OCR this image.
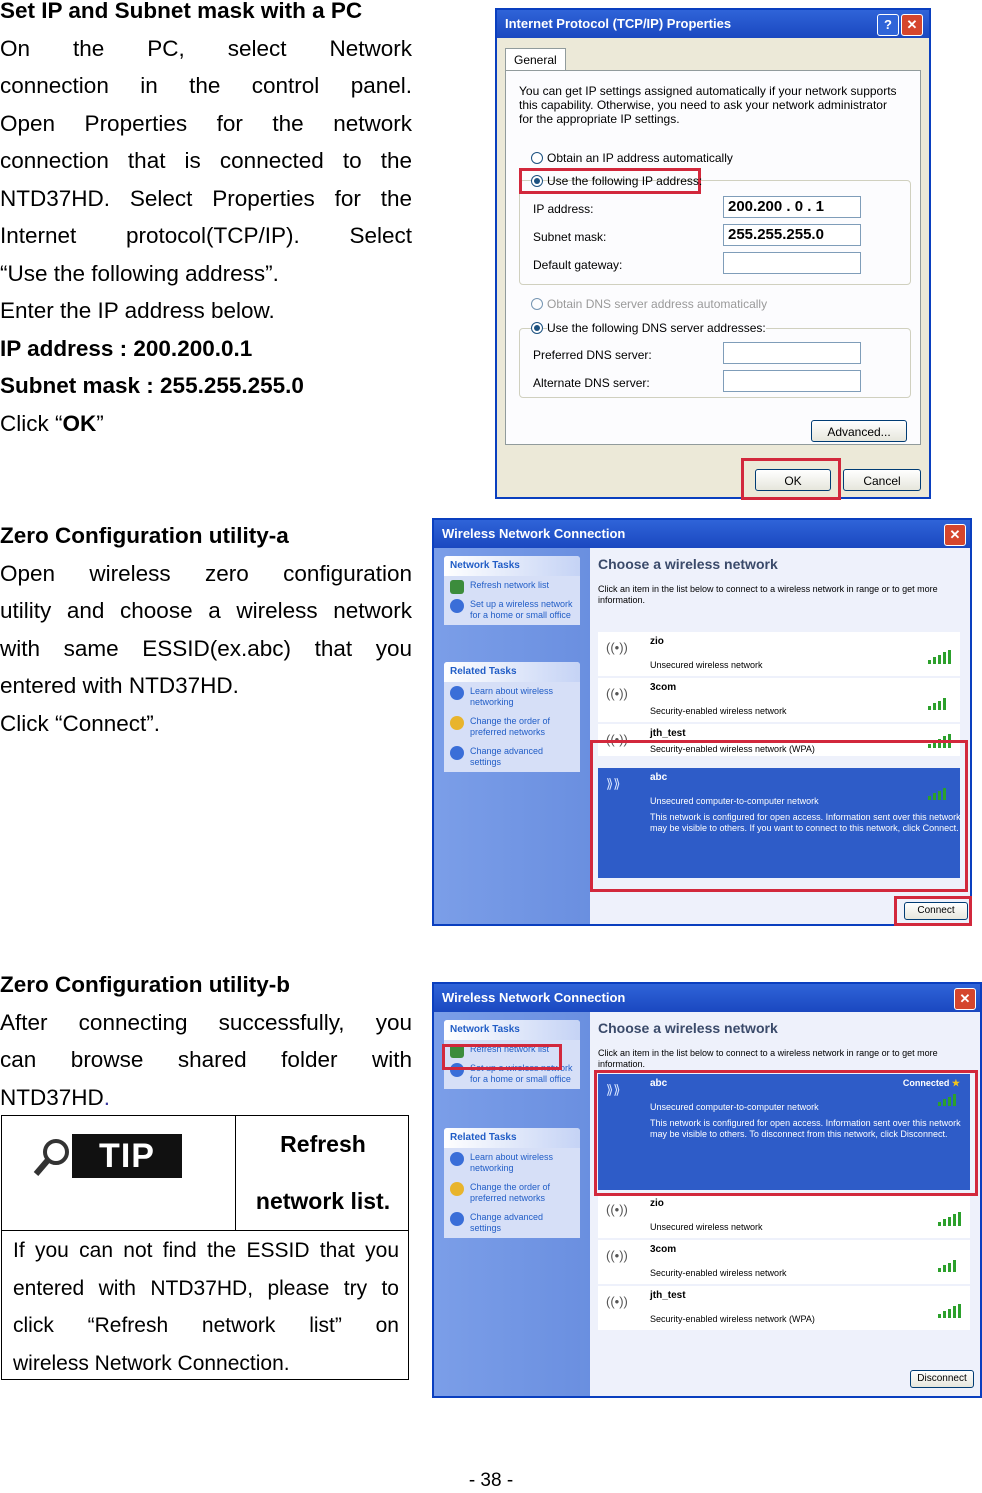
Set IP and Subnet mask with a PC

On the PC, select Network

connection in the control panel.

Open Properties for the network

connection that is connected to the

NTD37HD. Select Properties for the

Internet protocol(TCP/IP). Select

“Use the following address”.

Enter the IP address below.

IP address : 200.200.0.1

Subnet mask : 255.255.255.0

Click “OK”

Internet Protocol (TCP/IP) Properties	?	✕
General
You can get IP settings assigned automatically if your network supports this capability. Otherwise, you need to ask your network administrator for the appropriate IP settings.
Obtain an IP address automatically
Use the following IP address:
IP address:	200.200 . 0 . 1
Subnet mask:	255.255.255.0
Default gateway:
Obtain DNS server address automatically
Use the following DNS server addresses:
Preferred DNS server:
Alternate DNS server:
Advanced...
OK	Cancel

Zero Configuration utility-a

Open wireless zero configuration

utility and choose a wireless network

with same ESSID(ex.abc) that you

entered with NTD37HD.

Click “Connect”.

Wireless Network Connection	✕
Network Tasks
Refresh network list
Set up a wireless network for a home or small office
Related Tasks
Learn about wireless networking
Change the order of preferred networks
Change advanced settings
Choose a wireless network
Click an item in the list below to connect to a wireless network in range or to get more information.
((•)) zio
Unsecured wireless network
((•)) 3com
Security-enabled wireless network
((•)) jth_test
Security-enabled wireless network (WPA)
⟫⟫	abc
Unsecured computer-to-computer network
This network is configured for open access. Information sent over this network may be visible to others. If you want to connect to this network, click Connect.
Connect

Zero Configuration utility-b

After connecting successfully, you

can browse shared folder with

NTD37HD.

TIP	Refresh
network list.
If you can not find the ESSID that you
entered with NTD37HD, please try to
click “Refresh network list” on
wireless Network Connection.
Wireless Network Connection	✕
Network Tasks
Refresh network list
Set up a wireless network for a home or small office
Related Tasks
Learn about wireless networking
Change the order of preferred networks
Change advanced settings
Choose a wireless network
Click an item in the list below to connect to a wireless network in range or to get more information.
⟫⟫	abc	Connected ★
Unsecured computer-to-computer network
This network is configured for open access. Information sent over this network may be visible to others. To disconnect from this network, click Disconnect.
((•)) zio
Unsecured wireless network
((•)) 3com
Security-enabled wireless network
((•)) jth_test
Security-enabled wireless network (WPA)
Disconnect
- 38 -
